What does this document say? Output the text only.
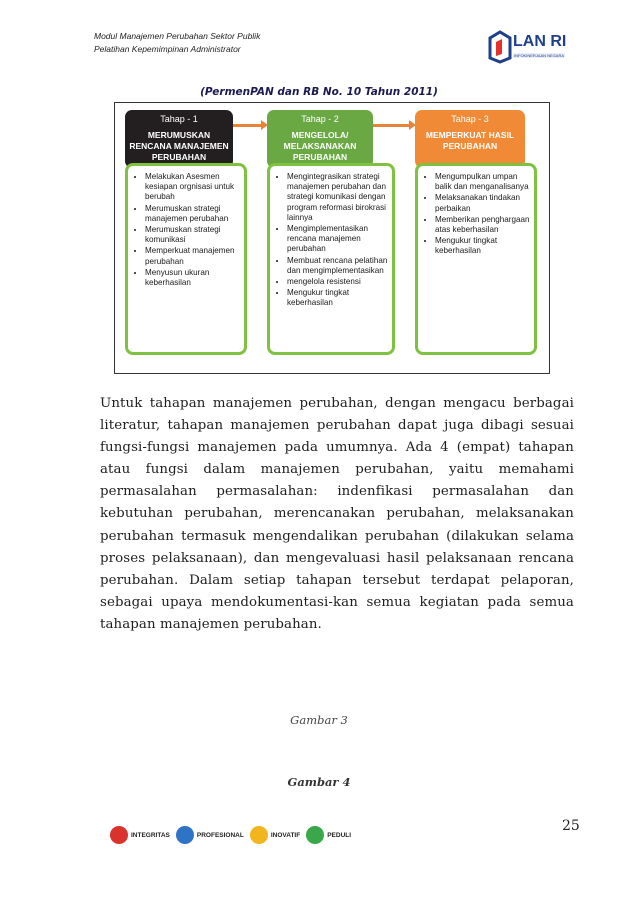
Modul Manajemen Perubahan Sektor Publik
Pelatihan Kepemimpinan Administrator	LAN RI
INFOKINERJAAN NEGARA
(PermenPAN dan RB No. 10 Tahun 2011)
Tahap - 1
MERUMUSKAN RENCANA MANAJEMEN PERUBAHAN
• Melakukan Asesmen kesiapan orgnisasi untuk berubah
• Merumuskan strategi manajemen perubahan
• Merumuskan strategi komunikasi
• Memperkuat manajemen perubahan
• Menyusun ukuran keberhasilan
Tahap - 2
MENGELOLA/ MELAKSANAKAN PERUBAHAN
• Mengintegrasikan strategi manajemen perubahan dan strategi komunikasi dengan program reformasi birokrasi lainnya
• Mengimplementasikan rencana manajemen perubahan
• Membuat rencana pelatihan dan mengimplementasikan
• mengelola resistensi
• Mengukur tingkat keberhasilan
Tahap - 3
MEMPERKUAT HASIL PERUBAHAN
• Mengumpulkan umpan balik dan menganalisanya
• Melaksanakan tindakan perbaikan
• Memberikan penghargaan atas keberhasilan
• Mengukur tingkat keberhasilan
Untuk tahapan manajemen perubahan, dengan mengacu berbagai literatur, tahapan manajemen perubahan dapat juga dibagi sesuai fungsi-fungsi manajemen pada umumnya. Ada 4 (empat) tahapan atau fungsi dalam manajemen perubahan, yaitu memahami permasalahan permasalahan: indenfikasi permasalahan dan kebutuhan perubahan, merencanakan perubahan, melaksanakan perubahan termasuk mengendalikan perubahan (dilakukan selama proses pelaksanaan), dan mengevaluasi hasil pelaksanaan rencana perubahan. Dalam setiap tahapan tersebut terdapat pelaporan, sebagai upaya mendokumentasi-kan semua kegiatan pada semua tahapan manajemen perubahan.
Gambar 3
Gambar 4
INTEGRITAS	PROFESIONAL	INOVATIF	PEDULI
25
